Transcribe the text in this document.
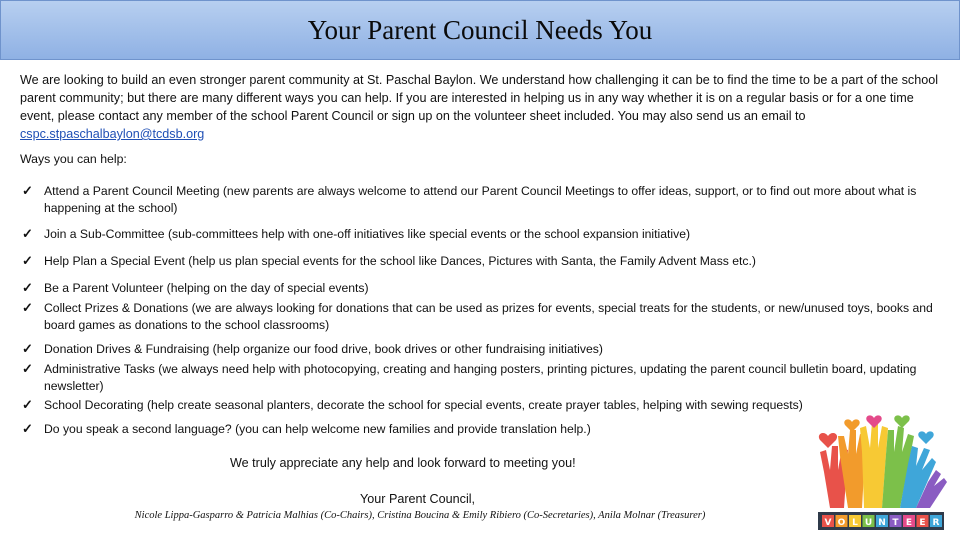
Your Parent Council Needs You

We are looking to build an even stronger parent community at St. Paschal Baylon. We understand how challenging it can be to find the time to be a part of the school parent community; but there are many different ways you can help. If you are interested in helping us in any way whether it is on a regular basis or for a one time event, please contact any member of the school Parent Council or sign up on the volunteer sheet included. You may also send us an email to cspc.stpaschalbaylon@tcdsb.org

Ways you can help:
✓ Attend a Parent Council Meeting (new parents are always welcome to attend our Parent Council Meetings to offer ideas, support, or to find out more about what is happening at the school)
✓ Join a Sub-Committee (sub-committees help with one-off initiatives like special events or the school expansion initiative)
✓ Help Plan a Special Event (help us plan special events for the school like Dances, Pictures with Santa, the Family Advent Mass etc.)
✓ Be a Parent Volunteer (helping on the day of special events)
✓ Collect Prizes & Donations (we are always looking for donations that can be used as prizes for events, special treats for the students, or new/unused toys, books and board games as donations to the school classrooms)
✓ Donation Drives & Fundraising (help organize our food drive, book drives or other fundraising initiatives)
✓ Administrative Tasks (we always need help with photocopying, creating and hanging posters, printing pictures, updating the parent council bulletin board, updating newsletter)
✓ School Decorating (help create seasonal planters, decorate the school for special events, create prayer tables, helping with sewing requests)
✓ Do you speak a second language? (you can help welcome new families and provide translation help.)
We truly appreciate any help and look forward to meeting you!
Your Parent Council,
Nicole Lippa-Gasparro & Patricia Malhias (Co-Chairs), Cristina Boucina & Emily Ribiero (Co-Secretaries), Anila Molnar (Treasurer)
V O L U N T E E R
